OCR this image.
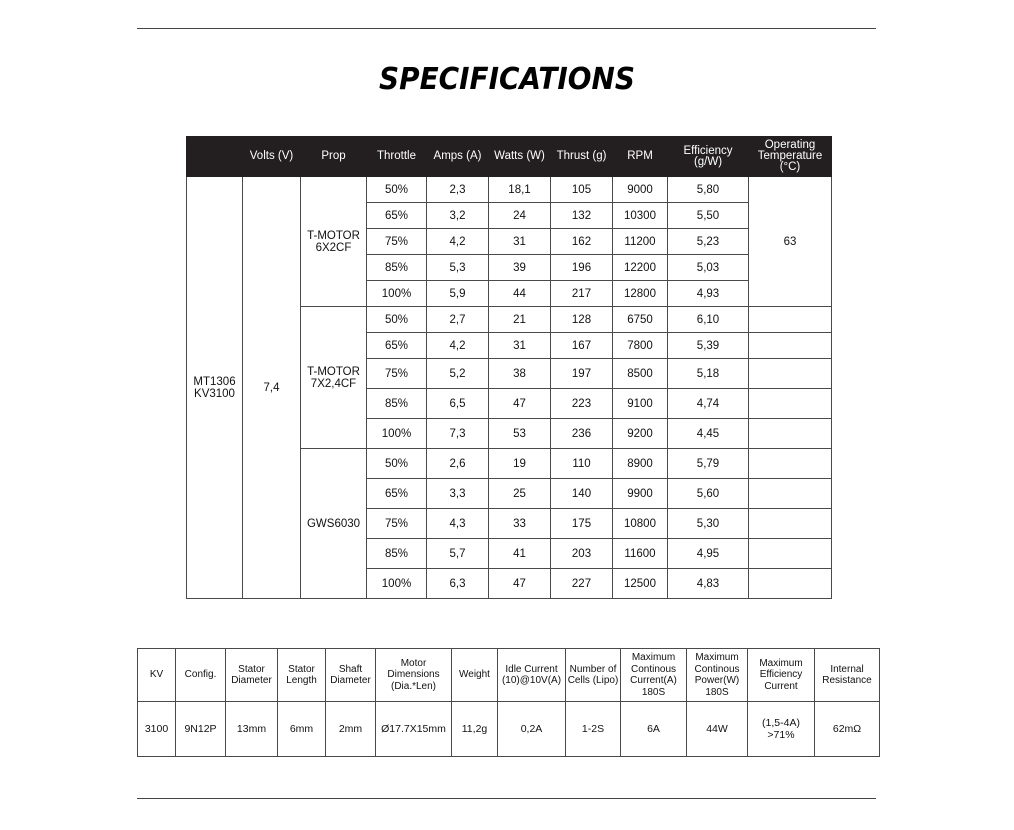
SPECIFICATIONS
	Volts (V)	Prop	Throttle	Amps (A)	Watts (W)	Thrust (g)	RPM	Efficiency (g/W)	Operating Temperature (°C)
MT1306 KV3100	7,4	T-MOTOR 6X2CF	50%	2,3	18,1	105	9000	5,80	63
			65%	3,2	24	132	10300	5,50	
			75%	4,2	31	162	11200	5,23	
			85%	5,3	39	196	12200	5,03	
			100%	5,9	44	217	12800	4,93	
		T-MOTOR 7X2,4CF	50%	2,7	21	128	6750	6,10	
			65%	4,2	31	167	7800	5,39	
			75%	5,2	38	197	8500	5,18	
			85%	6,5	47	223	9100	4,74	
			100%	7,3	53	236	9200	4,45	
		GWS6030	50%	2,6	19	110	8900	5,79	
			65%	3,3	25	140	9900	5,60	
			75%	4,3	33	175	10800	5,30	
			85%	5,7	41	203	11600	4,95	
			100%	6,3	47	227	12500	4,83	
KV	Config.	Stator Diameter	Stator Length	Shaft Diameter	Motor Dimensions (Dia.*Len)	Weight	Idle Current (10)@10V(A)	Number of Cells (Lipo)	Maximum Continous Current(A) 180S	Maximum Continous Power(W) 180S	Maximum Efficiency Current	Internal Resistance
3100	9N12P	13mm	6mm	2mm	Ø17.7X15mm	11,2g	0,2A	1-2S	6A	44W	(1,5-4A) >71%	62mΩ
